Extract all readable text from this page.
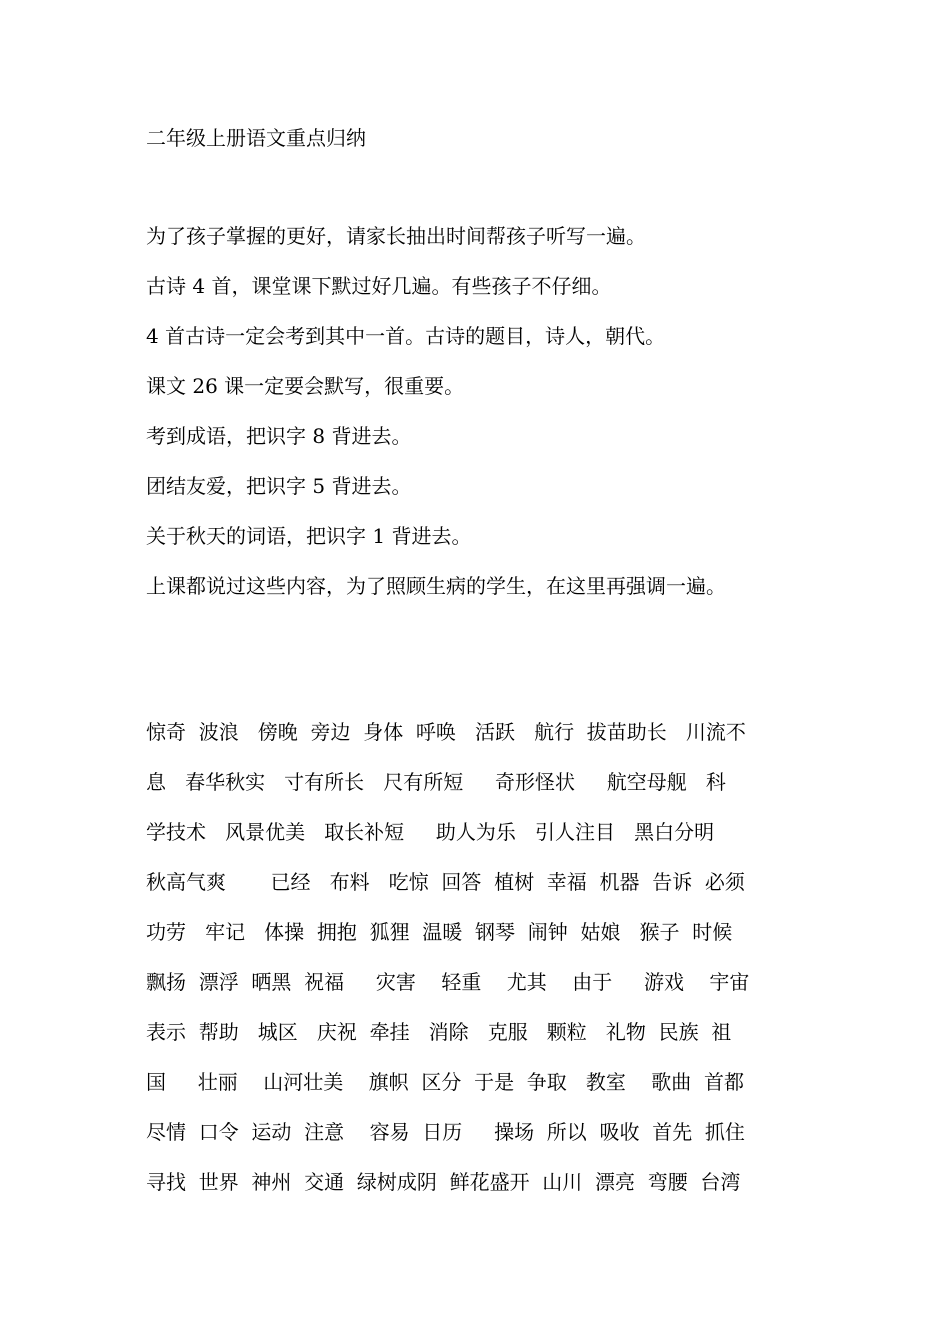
二年级上册语文重点归纳
为了孩子掌握的更好，请家长抽出时间帮孩子听写一遍。
古诗 4 首，课堂课下默过好几遍。有些孩子不仔细。
4 首古诗一定会考到其中一首。古诗的题目，诗人，朝代。
课文 26 课一定要会默写，很重要。
考到成语，把识字 8 背进去。
团结友爱，把识字 5 背进去。
关于秋天的词语，把识字 1 背进去。
上课都说过这些内容，为了照顾生病的学生，在这里再强调一遍。
惊奇  波浪   傍晚  旁边  身体  呼唤   活跃   航行  拔苗助长   川流不
息   春华秋实   寸有所长   尺有所短     奇形怪状     航空母舰   科
学技术   风景优美   取长补短     助人为乐   引人注目   黑白分明
秋高气爽       已经   布料   吃惊  回答  植树  幸福  机器  告诉  必须
功劳   牢记   体操  拥抱  狐狸  温暖  钢琴  闹钟  姑娘   猴子  时候
飘扬  漂浮  晒黑  祝福     灾害    轻重    尤其    由于     游戏    宇宙
表示  帮助   城区   庆祝  牵挂   消除   克服   颗粒   礼物  民族  祖
国     壮丽    山河壮美    旗帜  区分  于是  争取   教室    歌曲  首都
尽情  口令  运动  注意    容易  日历     操场  所以  吸收  首先  抓住
寻找  世界  神州  交通  绿树成阴  鲜花盛开  山川  漂亮  弯腰  台湾
